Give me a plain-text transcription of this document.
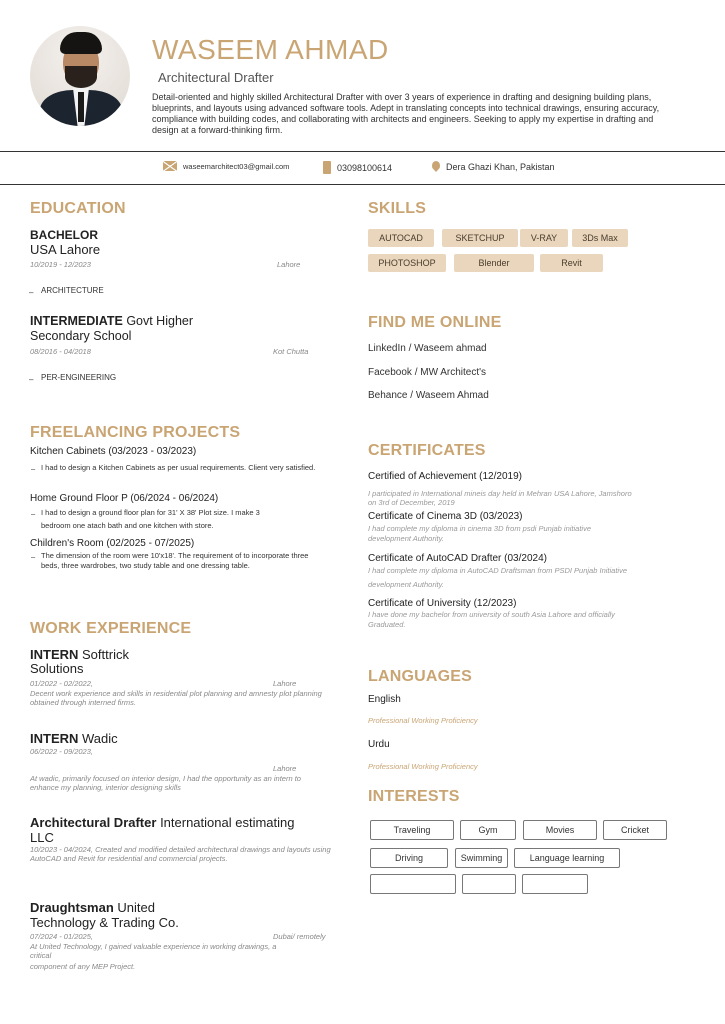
WASEEM AHMAD
Architectural Drafter
Detail-oriented and highly skilled Architectural Drafter with over 3 years of experience in drafting and designing building plans, blueprints, and layouts using advanced software tools. Adept in translating concepts into technical drawings, ensuring accuracy, compliance with building codes, and collaborating with architects and engineers. Seeking to apply my expertise in drafting and design at a forward-thinking firm.
waseemarchitect03@gmail.com	03098100614	Dera Ghazi Khan, Pakistan
EDUCATION
BACHELOR
USA Lahore
10/2019 - 12/2023	Lahore
– ARCHITECTURE
INTERMEDIATE Govt Higher
Secondary School
08/2016 - 04/2018	Kot Chutta
– PER-ENGINEERING
FREELANCING PROJECTS
Kitchen Cabinets (03/2023 - 03/2023)
– I had to design a Kitchen Cabinets as per usual requirements. Client very satisfied.
Home Ground Floor P (06/2024 - 06/2024)
– I had to design a ground floor plan for 31' X 38' Plot size. I make 3
bedroom one atach bath and one kitchen with store.
Children's Room (02/2025 - 07/2025)
– The dimension of the room were 10'x18'. The requirement of to incorporate three beds, three wardrobes, two study table and one dressing table.
WORK EXPERIENCE
INTERN Softtrick
Solutions
01/2022 - 02/2022,	Lahore
Decent work experience and skills in residential plot planning and amnesty plot planning obtained through interned firms.
INTERN Wadic
06/2022 - 09/2023,
Lahore
At wadic, primarily focused on interior design, I had the opportunity as an intern to enhance my planning, interior designing skills
Architectural Drafter International estimating
LLC
10/2023 - 04/2024, Created and modified detailed architectural drawings and layouts using AutoCAD and Revit for residential and commercial projects.
Draughtsman United
Technology & Trading Co.
07/2024 - 01/2025,	Dubai/ remotely
At United Technology, I gained valuable experience in working drawings, a critical
component of any MEP Project.
SKILLS
AUTOCAD	SKETCHUP	V-RAY	3Ds Max
PHOTOSHOP	Blender	Revit
FIND ME ONLINE
LinkedIn / Waseem ahmad
Facebook / MW Architect's
Behance / Waseem Ahmad
CERTIFICATES
Certified of Achievement (12/2019)
I participated in International mineis day held in Mehran USA Lahore, Jamshoro
on 3rd of December, 2019
Certificate of Cinema 3D (03/2023)
I had complete my diploma in cinema 3D from psdi Punjab initiative
development Authority.
Certificate of AutoCAD Drafter (03/2024)
I had complete my diploma in AutoCAD Draftsman from PSDI Punjab Initiative
development Authority.
Certificate of University (12/2023)
I have done my bachelor from university of south Asia Lahore and officially
Graduated.
LANGUAGES
English
Professional Working Proficiency
Urdu
Professional Working Proficiency
INTERESTS
Traveling	Gym	Movies	Cricket
Driving	Swimming	Language learning
